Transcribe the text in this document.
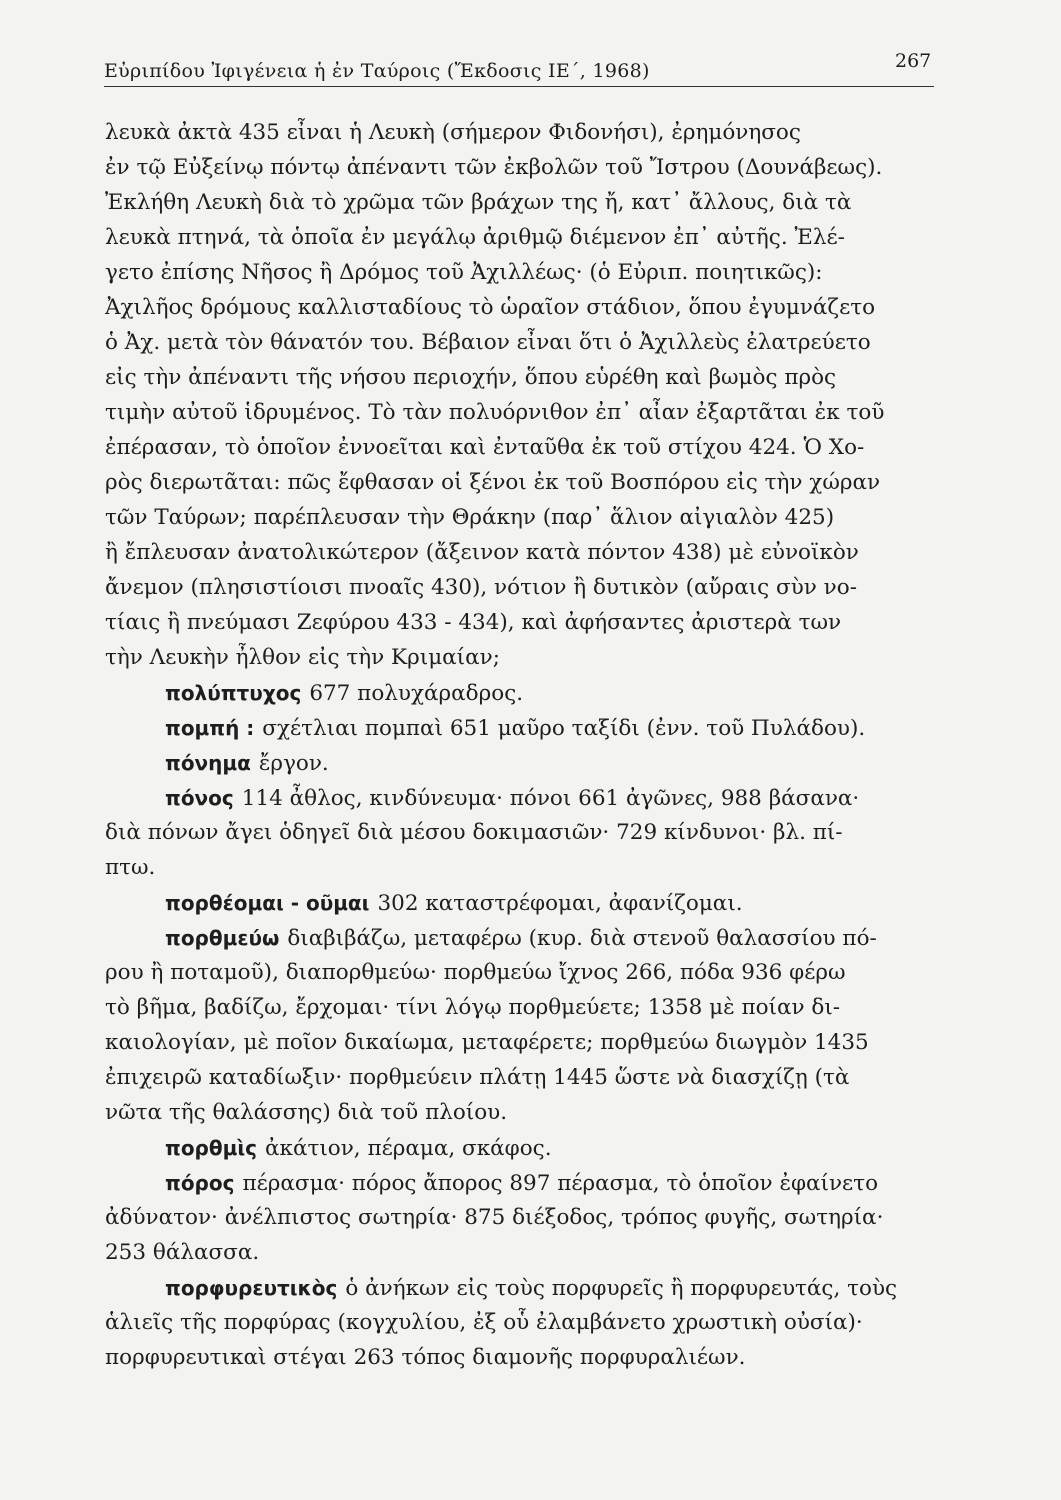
Εὐριπίδου Ἰφιγένεια ἡ ἐν Ταύροις (Ἔκδοσις ΙΕ΄, 1968)	267
λευκὰ ἀκτὰ 435 εἶναι ἡ Λευκὴ (σήμερον Φιδονήσι), ἐρημόνησος
ἐν τῷ Εὐξείνῳ πόντῳ ἀπέναντι τῶν ἐκβολῶν τοῦ Ἴστρου (Δουνάβεως).
Ἐκλήθη Λευκὴ διὰ τὸ χρῶμα τῶν βράχων της ἤ, κατ᾽ ἄλλους, διὰ τὰ
λευκὰ πτηνά, τὰ ὁποῖα ἐν μεγάλῳ ἀριθμῷ διέμενον ἐπ᾽ αὐτῆς. Ἐλέ-
γετο ἐπίσης Νῆσος ἢ Δρόμος τοῦ Ἀχιλλέως· (ὁ Εὐριπ. ποιητικῶς):
Ἀχιλῆος δρόμους καλλισταδίους τὸ ὡραῖον στάδιον, ὅπου ἐγυμνάζετο
ὁ Ἀχ. μετὰ τὸν θάνατόν του. Βέβαιον εἶναι ὅτι ὁ Ἀχιλλεὺς ἐλατρεύετο
εἰς τὴν ἀπέναντι τῆς νήσου περιοχήν, ὅπου εὑρέθη καὶ βωμὸς πρὸς
τιμὴν αὐτοῦ ἱδρυμένος. Τὸ τὰν πολυόρνιθον ἐπ᾽ αἶαν ἐξαρτᾶται ἐκ τοῦ
ἐπέρασαν, τὸ ὁποῖον ἐννοεῖται καὶ ἐνταῦθα ἐκ τοῦ στίχου 424. Ὁ Χο-
ρὸς διερωτᾶται: πῶς ἔφθασαν οἱ ξένοι ἐκ τοῦ Βοσπόρου εἰς τὴν χώραν
τῶν Ταύρων; παρέπλευσαν τὴν Θράκην (παρ᾽ ἅλιον αἰγιαλὸν 425)
ἢ ἔπλευσαν ἀνατολικώτερον (ἄξεινον κατὰ πόντον 438) μὲ εὐνοϊκὸν
ἄνεμον (πλησιστίοισι πνοαῖς 430), νότιον ἢ δυτικὸν (αὔραις σὺν νο-
τίαις ἢ πνεύμασι Ζεφύρου 433 - 434), καὶ ἀφήσαντες ἀριστερὰ των
τὴν Λευκὴν ἦλθον εἰς τὴν Κριμαίαν;
πολύπτυχος 677 πολυχάραδρος.
πομπή : σχέτλιαι πομπαὶ 651 μαῦρο ταξίδι (ἐνν. τοῦ Πυλάδου).
πόνημα ἔργον.
πόνος 114 ἆθλος, κινδύνευμα· πόνοι 661 ἀγῶνες, 988 βάσανα·
διὰ πόνων ἄγει ὁδηγεῖ διὰ μέσου δοκιμασιῶν· 729 κίνδυνοι· βλ. πί-
πτω.
πορθέομαι - οῦμαι 302 καταστρέφομαι, ἀφανίζομαι.
πορθμεύω διαβιβάζω, μεταφέρω (κυρ. διὰ στενοῦ θαλασσίου πό-
ρου ἢ ποταμοῦ), διαπορθμεύω· πορθμεύω ἴχνος 266, πόδα 936 φέρω
τὸ βῆμα, βαδίζω, ἔρχομαι· τίνι λόγῳ πορθμεύετε; 1358 μὲ ποίαν δι-
καιολογίαν, μὲ ποῖον δικαίωμα, μεταφέρετε; πορθμεύω διωγμὸν 1435
ἐπιχειρῶ καταδίωξιν· πορθμεύειν πλάτῃ 1445 ὥστε νὰ διασχίζῃ (τὰ
νῶτα τῆς θαλάσσης) διὰ τοῦ πλοίου.
πορθμὶς ἀκάτιον, πέραμα, σκάφος.
πόρος πέρασμα· πόρος ἄπορος 897 πέρασμα, τὸ ὁποῖον ἐφαίνετο
ἀδύνατον· ἀνέλπιστος σωτηρία· 875 διέξοδος, τρόπος φυγῆς, σωτηρία·
253 θάλασσα.
πορφυρευτικὸς ὁ ἀνήκων εἰς τοὺς πορφυρεῖς ἢ πορφυρευτάς, τοὺς
ἁλιεῖς τῆς πορφύρας (κογχυλίου, ἐξ οὗ ἐλαμβάνετο χρωστικὴ οὐσία)·
πορφυρευτικαὶ στέγαι 263 τόπος διαμονῆς πορφυραλιέων.
